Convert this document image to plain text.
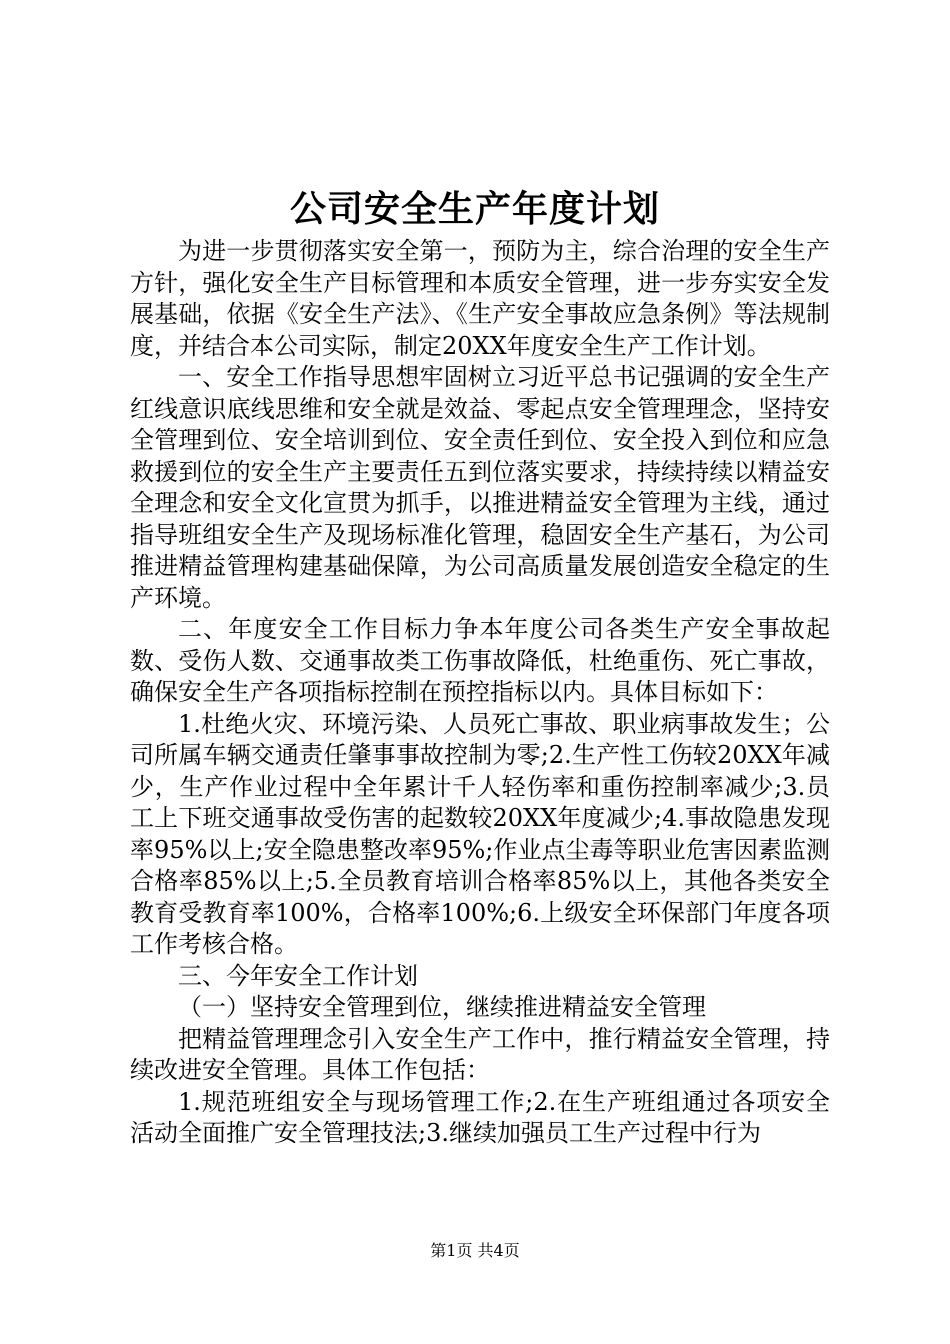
公司安全生产年度计划

为进一步贯彻落实安全第一，预防为主，综合治理的安全生产方针，强化安全生产目标管理和本质安全管理，进一步夯实安全发展基础，依据《安全生产法》、《生产安全事故应急条例》等法规制度，并结合本公司实际，制定20XX年度安全生产工作计划。

一、安全工作指导思想牢固树立习近平总书记强调的安全生产红线意识底线思维和安全就是效益、零起点安全管理理念，坚持安全管理到位、安全培训到位、安全责任到位、安全投入到位和应急救援到位的安全生产主要责任五到位落实要求，持续持续以精益安全理念和安全文化宣贯为抓手，以推进精益安全管理为主线，通过指导班组安全生产及现场标准化管理，稳固安全生产基石，为公司推进精益管理构建基础保障，为公司高质量发展创造安全稳定的生产环境。

二、年度安全工作目标力争本年度公司各类生产安全事故起数、受伤人数、交通事故类工伤事故降低，杜绝重伤、死亡事故，确保安全生产各项指标控制在预控指标以内。具体目标如下：

1.杜绝火灾、环境污染、人员死亡事故、职业病事故发生；公司所属车辆交通责任肇事事故控制为零;2.生产性工伤较20XX年减少，生产作业过程中全年累计千人轻伤率和重伤控制率减少;3.员工上下班交通事故受伤害的起数较20XX年度减少;4.事故隐患发现率95%以上;安全隐患整改率95%;作业点尘毒等职业危害因素监测合格率85%以上;5.全员教育培训合格率85%以上，其他各类安全教育受教育率100%，合格率100%;6.上级安全环保部门年度各项工作考核合格。

三、今年安全工作计划

（一）坚持安全管理到位，继续推进精益安全管理

把精益管理理念引入安全生产工作中，推行精益安全管理，持续改进安全管理。具体工作包括：

1.规范班组安全与现场管理工作;2.在生产班组通过各项安全活动全面推广安全管理技法;3.继续加强员工生产过程中行为

第1页 共4页
